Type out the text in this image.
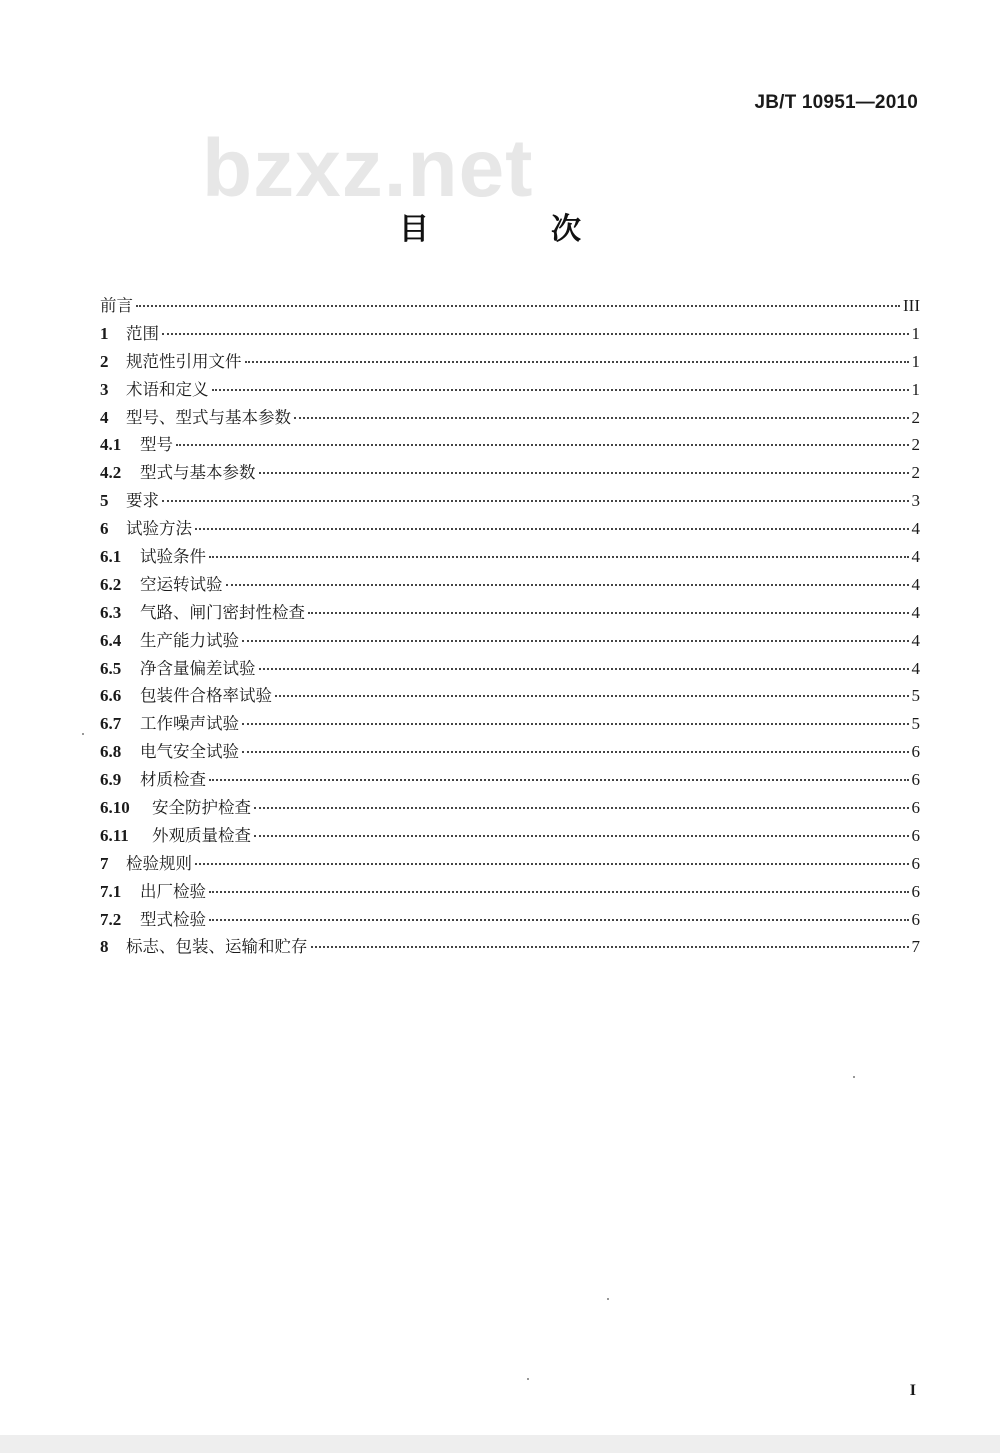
JB/T 10951—2010
bzxz.net
目　次
前言	III
1	范围	1
2	规范性引用文件	1
3	术语和定义	1
4	型号、型式与基本参数	2
4.1	型号	2
4.2	型式与基本参数	2
5	要求	3
6	试验方法	4
6.1	试验条件	4
6.2	空运转试验	4
6.3	气路、闸门密封性检查	4
6.4	生产能力试验	4
6.5	净含量偏差试验	4
6.6	包装件合格率试验	5
6.7	工作噪声试验	5
6.8	电气安全试验	6
6.9	材质检查	6
6.10	安全防护检查	6
6.11	外观质量检查	6
7	检验规则	6
7.1	出厂检验	6
7.2	型式检验	6
8	标志、包装、运输和贮存	7
I
